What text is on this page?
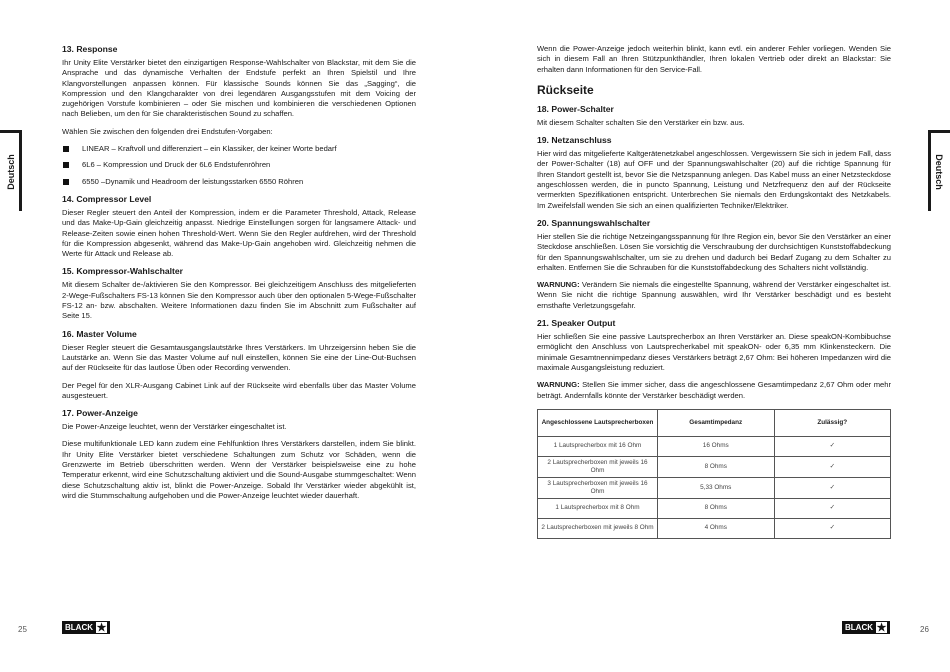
Deutsch	Deutsch
13. Response

Ihr Unity Elite Verstärker bietet den einzigartigen Response-Wahlschalter von Blackstar, mit dem Sie die Ansprache und das dynamische Verhalten der Endstufe perfekt an Ihren Spielstil und Ihre Klangvorstellungen anpassen können. Für klassische Sounds können Sie das „Sagging“, die Kompression und den Klangcharakter von drei legendären Ausgangsstufen mit dem Voicing der zugehörigen Vorstufe kombinieren – oder Sie mischen und kombinieren die verschiedenen Optionen nach Belieben, um den für Sie charakteristischen Sound zu schaffen.

Wählen Sie zwischen den folgenden drei Endstufen-Vorgaben:

LINEAR – Kraftvoll und differenziert – ein Klassiker, der keiner Worte bedarf
6L6 – Kompression und Druck der 6L6 Endstufenröhren
6550 –Dynamik und Headroom der leistungsstarken 6550 Röhren
14. Compressor Level

Dieser Regler steuert den Anteil der Kompression, indem er die Parameter Threshold, Attack, Release und das Make-Up-Gain gleichzeitig anpasst. Niedrige Einstellungen sorgen für langsamere Attack- und Release-Zeiten sowie einen hohen Threshold-Wert. Wenn Sie den Regler aufdrehen, wird der Threshold für die Kompression abgesenkt, während das Make-Up-Gain angehoben wird. Gleichzeitig nehmen die Werte für Attack und Release ab.

15. Kompressor-Wahlschalter

Mit diesem Schalter de-/aktivieren Sie den Kompressor. Bei gleichzeitigem Anschluss des mitgelieferten 2-Wege-Fußschalters FS-13 können Sie den Kompressor auch über den optionalen 5-Wege-Fußschalter FS-12 an- bzw. abschalten. Weitere Informationen dazu finden Sie im Abschnitt zum Fußschalter auf Seite 15.

16. Master Volume

Dieser Regler steuert die Gesamtausgangslautstärke Ihres Verstärkers. Im Uhrzeigersinn heben Sie die Lautstärke an. Wenn Sie das Master Volume auf null einstellen, können Sie eine der Line-Out-Buchsen auf der Rückseite für das lautlose Üben oder Recording verwenden.

Der Pegel für den XLR-Ausgang Cabinet Link auf der Rückseite wird ebenfalls über das Master Volume ausgesteuert.

17. Power-Anzeige

Die Power-Anzeige leuchtet, wenn der Verstärker eingeschaltet ist.

Diese multifunktionale LED kann zudem eine Fehlfunktion Ihres Verstärkers darstellen, indem Sie blinkt. Ihr Unity Elite Verstärker bietet verschiedene Schaltungen zum Schutz vor Schäden, wenn die Grenzwerte im Betrieb überschritten werden. Wenn der Verstärker beispielsweise eine zu hohe Temperatur erkennt, wird eine Schutzschaltung aktiviert und die Sound-Ausgabe stummgeschaltet: Wenn diese Schutzschaltung aktiv ist, blinkt die Power-Anzeige. Sobald Ihr Verstärker wieder abgekühlt ist, wird die Stummschaltung aufgehoben und die Power-Anzeige leuchtet wieder dauerhaft.

Wenn die Power-Anzeige jedoch weiterhin blinkt, kann evtl. ein anderer Fehler vorliegen. Wenden Sie sich in diesem Fall an Ihren Stützpunkthändler, Ihren lokalen Vertrieb oder direkt an Blackstar: Sie erhalten dann Informationen für den Service-Fall.

Rückseite
18. Power-Schalter

Mit diesem Schalter schalten Sie den Verstärker ein bzw. aus.

19. Netzanschluss

Hier wird das mitgelieferte Kaltgerätenetzkabel angeschlossen. Vergewissern Sie sich in jedem Fall, dass der Power-Schalter (18) auf OFF und der Spannungswahlschalter (20) auf die richtige Spannung für Ihren Standort gestellt ist, bevor Sie die Netzspannung anlegen. Das Kabel muss an einer Netzsteckdose angeschlossen werden, die in puncto Spannung, Leistung und Netzfrequenz den auf der Rückseite vermerkten Spezifikationen entspricht. Unterbrechen Sie niemals den Erdungskontakt des Netzkabels. Im Zweifelsfall wenden Sie sich an einen qualifizierten Techniker/Elektriker.

20. Spannungswahlschalter

Hier stellen Sie die richtige Netzeingangsspannung für Ihre Region ein, bevor Sie den Verstärker an einer Steckdose anschließen. Lösen Sie vorsichtig die Verschraubung der durchsichtigen Kunststoffabdeckung für den Spannungswahlschalter, um sie zu drehen und dadurch bei Bedarf Zugang zu dem Schalter zu erhalten. Entfernen Sie die Schrauben für die Kunststoffabdeckung des Schalters nicht vollständig.

WARNUNG: Verändern Sie niemals die eingestellte Spannung, während der Verstärker eingeschaltet ist. Wenn Sie nicht die richtige Spannung auswählen, wird Ihr Verstärker beschädigt und es besteht ernsthafte Verletzungsgefahr.

21. Speaker Output

Hier schließen Sie eine passive Lautsprecherbox an Ihren Verstärker an. Diese speakON-Kombibuchse ermöglicht den Anschluss von Lautsprecherkabel mit speakON- oder 6,35 mm Klinkensteckern. Die minimale Gesamtnennimpedanz dieses Verstärkers beträgt 2,67 Ohm: Bei höheren Impedanzen wird die maximale Ausgangsleistung reduziert.

WARNUNG: Stellen Sie immer sicher, dass die angeschlossene Gesamtimpedanz 2,67 Ohm oder mehr beträgt. Andernfalls könnte der Verstärker beschädigt werden.

Angeschlossene Lautsprecherboxen	Gesamtimpedanz	Zulässig?
1 Lautsprecherbox mit 16 Ohm	16 Ohms	✓
2 Lautsprecherboxen mit jeweils 16 Ohm	8 Ohms	✓
3 Lautsprecherboxen mit jeweils 16 Ohm	5,33 Ohms	✓
1 Lautsprecherbox mit 8 Ohm	8 Ohms	✓
2 Lautsprecherboxen mit jeweils 8 Ohm	4 Ohms	✓
25	BLACK ★	BLACK ★	26
